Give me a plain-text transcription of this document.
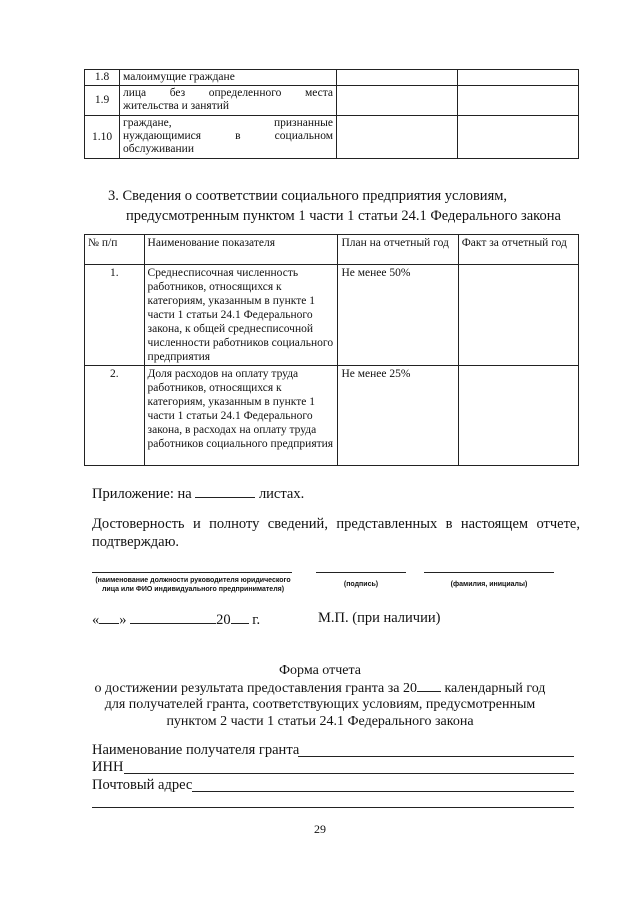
1.8	малоимущие граждане		
1.9	лица без определенного места

жительства и занятий		

1.10	граждане, признанные
нуждающимися в социальном

обслуживании		

3. Сведения о соответствии социального предприятия условиям,
предусмотренным пунктом 1 части 1 статьи 24.1 Федерального закона
№ п/п	Наименование показателя	План на отчетный год	Факт за отчетный год
1.	Среднесписочная численность работников, относящихся к категориям, указанным в пункте 1 части 1 статьи 24.1 Федерального закона, к общей среднесписочной численности работников социального предприятия	Не менее 50%	
2.	Доля расходов на оплату труда работников, относящихся к категориям, указанным в пункте 1 части 1 статьи 24.1 Федерального закона, в расходах на оплату труда работников социального предприятия	Не менее 25%	
Приложение: на	листах.
Достоверность и полноту сведений, представленных в настоящем отчете,
подтверждаю.
(наименование должности руководителя юридического лица или ФИО индивидуального предпринимателя)
(подпись)	(фамилия, инициалы)
« »	20 г.	М.П. (при наличии)
Форма отчета
о достижении результата предоставления гранта за 20 календарный год
для получателей гранта, соответствующих условиям, предусмотренным
пунктом 2 части 1 статьи 24.1 Федерального закона
Наименование получателя гранта
ИНН
Почтовый адрес
29
